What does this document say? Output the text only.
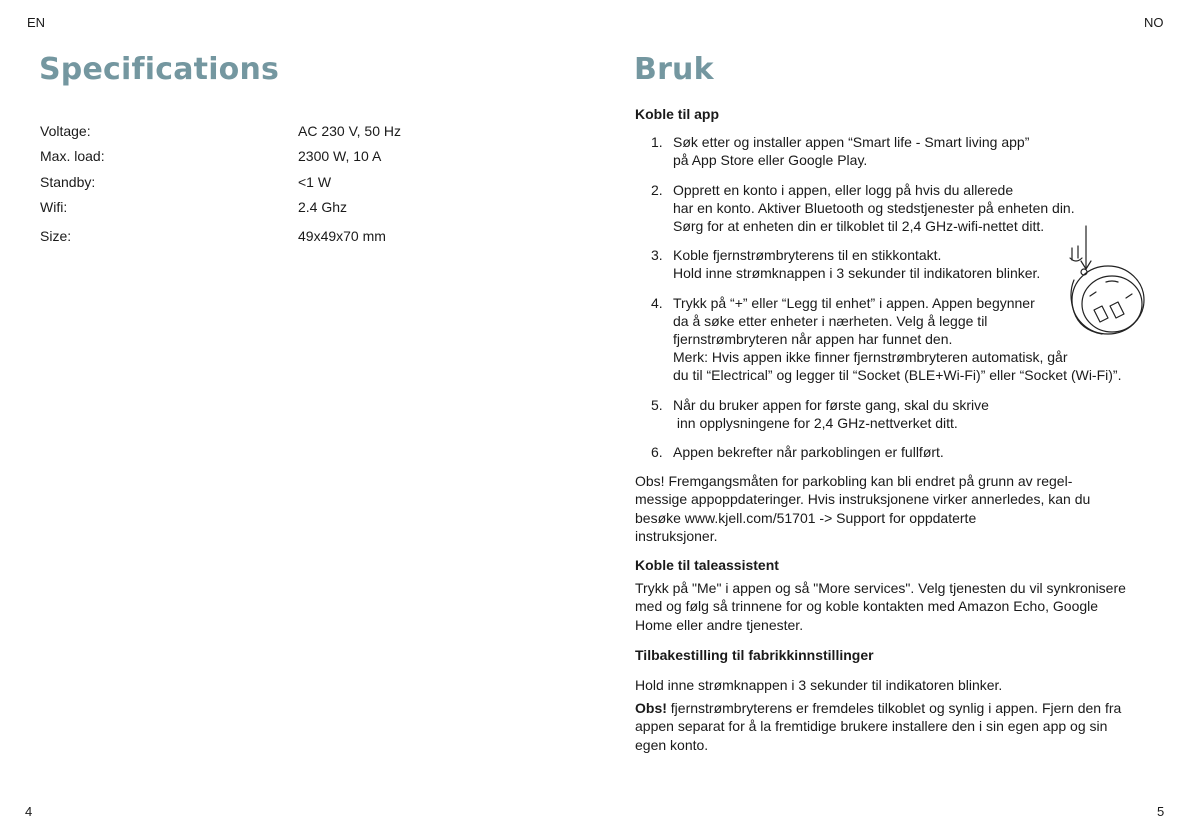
EN
Specifications
Voltage:	AC 230 V, 50 Hz
Max. load:	2300 W, 10 A
Standby:	<1 W
Wifi:	2.4 Ghz
Size:	49x49x70 mm
4
NO
Bruk

Koble til app

1. Søk etter og installer appen “Smart life - Smart living app”
på App Store eller Google Play.
2. Opprett en konto i appen, eller logg på hvis du allerede
har en konto. Aktiver Bluetooth og stedstjenester på enheten din.
Sørg for at enheten din er tilkoblet til 2,4 GHz-wifi-nettet ditt.
3. Koble fjernstrømbryterens til en stikkontakt.
Hold inne strømknappen i 3 sekunder til indikatoren blinker.
4. Trykk på “+” eller “Legg til enhet” i appen. Appen begynner
da å søke etter enheter i nærheten. Velg å legge til
fjernstrømbryteren når appen har funnet den.
Merk: Hvis appen ikke finner fjernstrømbryteren automatisk, går
du til “Electrical” og legger til “Socket (BLE+Wi-Fi)” eller “Socket (Wi-Fi)”.
5. Når du bruker appen for første gang, skal du skrive
inn opplysningene for 2,4 GHz-nettverket ditt.
6. Appen bekrefter når parkoblingen er fullført.

Obs! Fremgangsmåten for parkobling kan bli endret på grunn av regel-
messige appoppdateringer. Hvis instruksjonene virker annerledes, kan du
besøke www.kjell.com/51701 -> Support for oppdaterte
instruksjoner.

Koble til taleassistent

Trykk på "Me" i appen og så "More services". Velg tjenesten du vil synkronisere
med og følg så trinnene for og koble kontakten med Amazon Echo, Google
Home eller andre tjenester.

Tilbakestilling til fabrikkinnstillinger

Hold inne strømknappen i 3 sekunder til indikatoren blinker.

Obs! fjernstrømbryterens er fremdeles tilkoblet og synlig i appen. Fjern den fra
appen separat for å la fremtidige brukere installere den i sin egen app og sin
egen konto.

5
